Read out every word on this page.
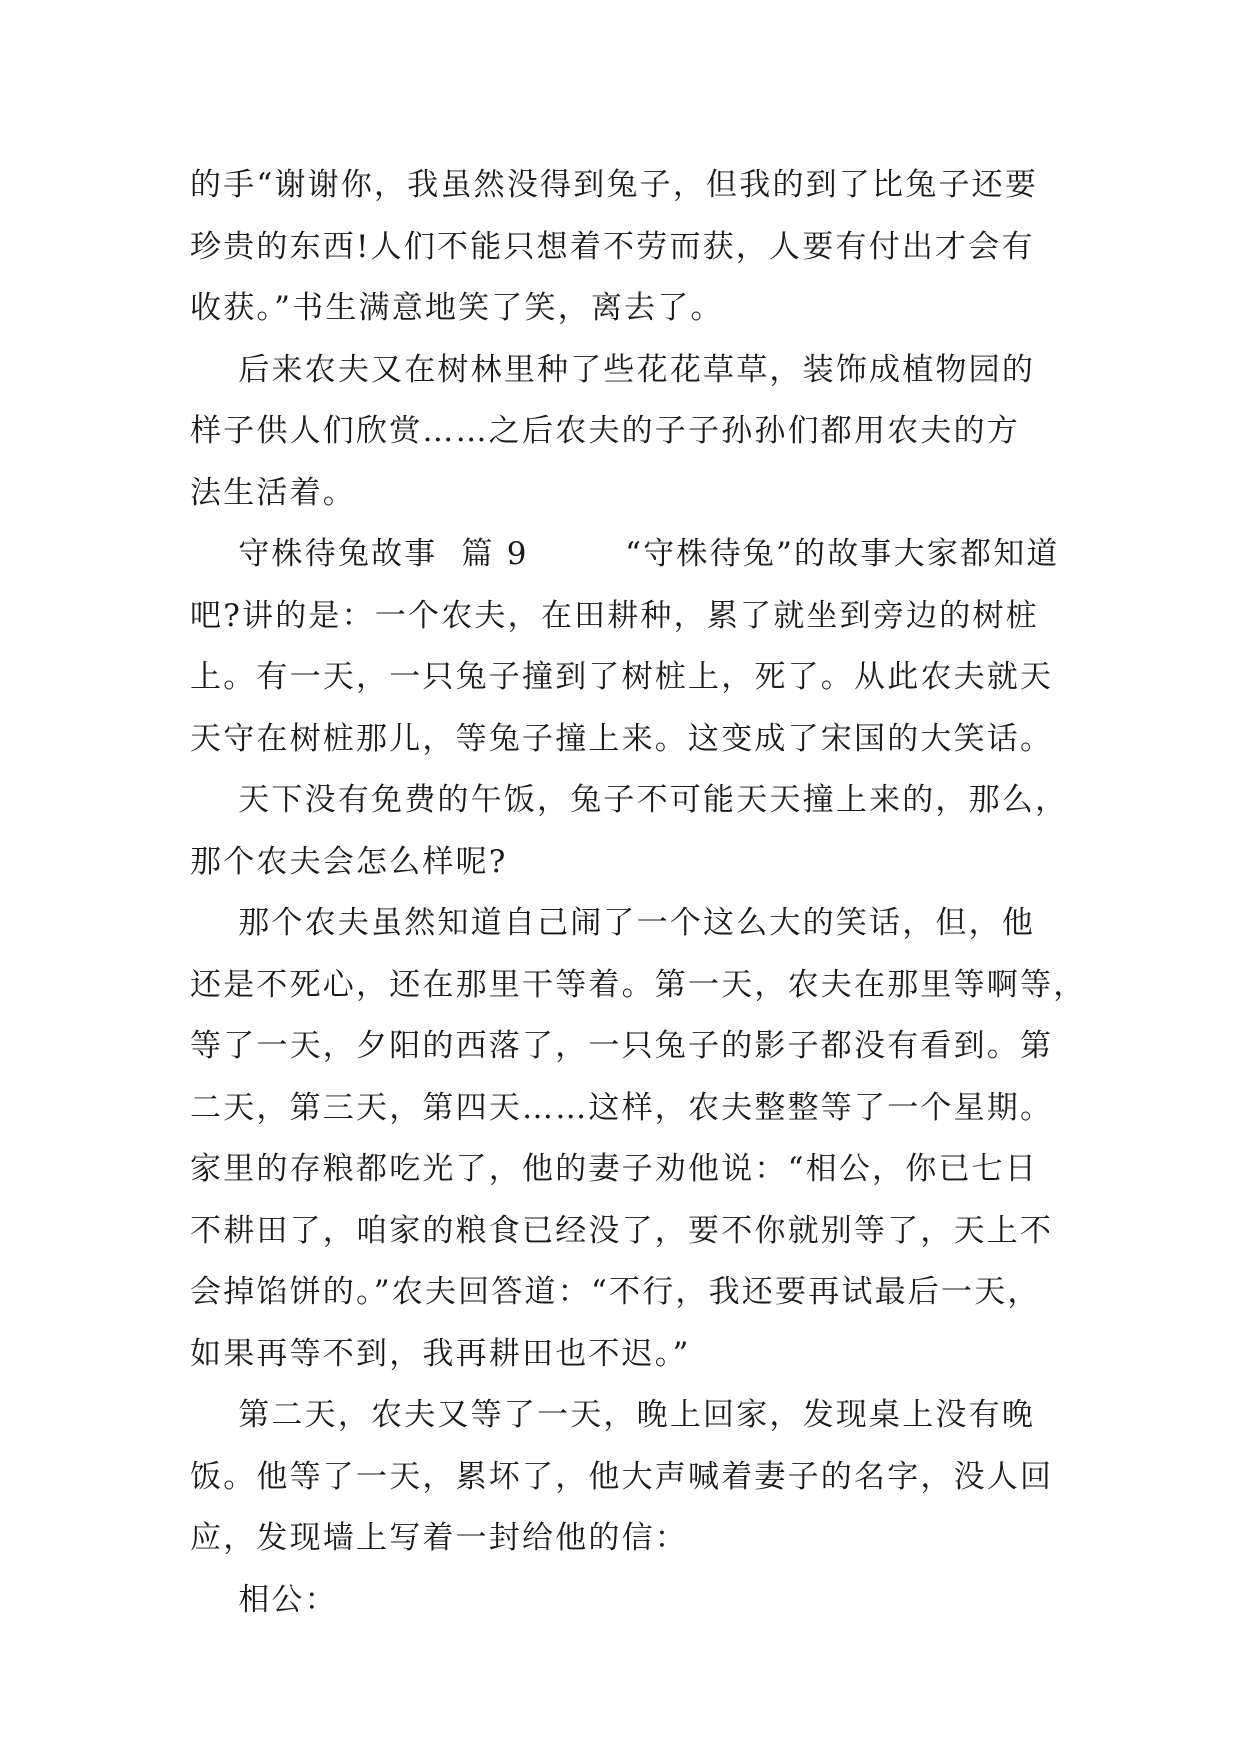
的手“谢谢你，我虽然没得到兔子，但我的到了比兔子还要
珍贵的东西!人们不能只想着不劳而获，人要有付出才会有
收获。”书生满意地笑了笑，离去了。
后来农夫又在树林里种了些花花草草，装饰成植物园的
样子供人们欣赏……之后农夫的子子孙孙们都用农夫的方
法生活着。
守株待兔故事  篇 9        “守株待兔”的故事大家都知道
吧?讲的是：一个农夫，在田耕种，累了就坐到旁边的树桩
上。有一天，一只兔子撞到了树桩上，死了。从此农夫就天
天守在树桩那儿，等兔子撞上来。这变成了宋国的大笑话。
天下没有免费的午饭，兔子不可能天天撞上来的，那么，
那个农夫会怎么样呢?
那个农夫虽然知道自己闹了一个这么大的笑话，但，他
还是不死心，还在那里干等着。第一天，农夫在那里等啊等，
等了一天，夕阳的西落了，一只兔子的影子都没有看到。第
二天，第三天，第四天……这样，农夫整整等了一个星期。
家里的存粮都吃光了，他的妻子劝他说：“相公，你已七日
不耕田了，咱家的粮食已经没了，要不你就别等了，天上不
会掉馅饼的。”农夫回答道：“不行，我还要再试最后一天，
如果再等不到，我再耕田也不迟。”
第二天，农夫又等了一天，晚上回家，发现桌上没有晚
饭。他等了一天，累坏了，他大声喊着妻子的名字，没人回
应，发现墙上写着一封给他的信：
相公：
